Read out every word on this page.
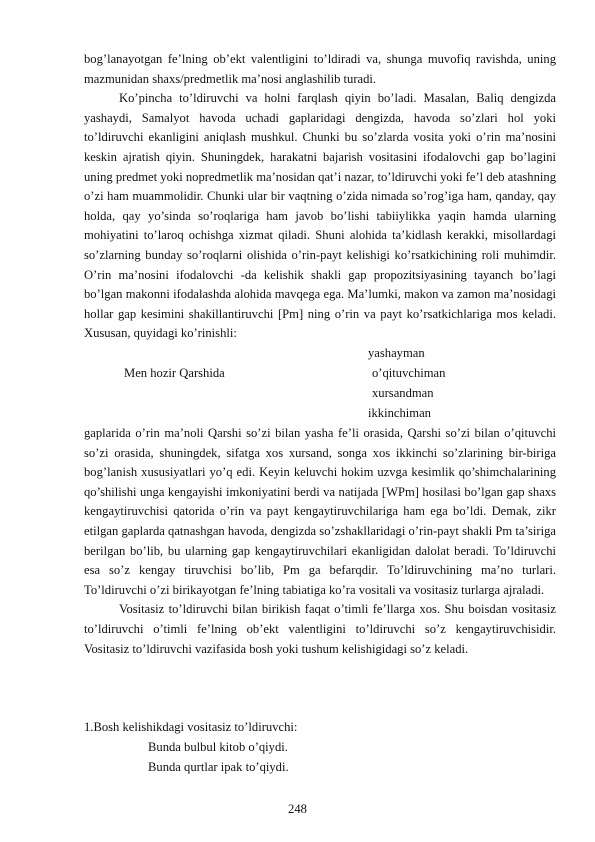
bog’lanayotgan fe’lning ob’ekt valentligini to’ldiradi va, shunga muvofiq ravishda, uning mazmunidan shaxs/predmetlik ma’nosi anglashilib turadi.

Ko’pincha to’ldiruvchi va holni farqlash qiyin bo’ladi. Masalan, Baliq dengizda yashaydi, Samalyot havoda uchadi gaplaridagi dengizda, havoda so’zlari hol yoki to’ldiruvchi ekanligini aniqlash mushkul. Chunki bu so’zlarda vosita yoki o’rin ma’nosini keskin ajratish qiyin. Shuningdek, harakatni bajarish vositasini ifodalovchi gap bo’lagini uning predmet yoki nopredmetlik ma’nosidan qat’i nazar, to’ldiruvchi yoki fe’l deb atashning o’zi ham muammolidir. Chunki ular bir vaqtning o’zida nimada so’rog’iga ham, qanday, qay holda, qay yo’sinda so’roqlariga ham javob bo’lishi tabiiylikka yaqin hamda ularning mohiyatini to’laroq ochishga xizmat qiladi. Shuni alohida ta’kidlash kerakki, misollardagi so’zlarning bunday so’roqlarni olishida o’rin-payt kelishigi ko’rsatkichining roli muhimdir. O’rin ma’nosini ifodalovchi -da kelishik shakli gap propozitsiyasining tayanch bo’lagi bo’lgan makonni ifodalashda alohida mavqega ega. Ma’lumki, makon va zamon ma’nosidagi hollar gap kesimini shakillantiruvchi [Pm] ning o’rin va payt ko’rsatkichlariga mos keladi. Xususan, quyidagi ko’rinishli:

Men hozir Qarshida
yashayman
o’qituvchiman
xursandman
ikkinchiman

gaplarida o’rin ma’noli Qarshi so’zi bilan yasha fe’li orasida, Qarshi so’zi bilan o’qituvchi so’zi orasida, shuningdek, sifatga xos xursand, songa xos ikkinchi so’zlarining bir-biriga bog’lanish xususiyatlari yo’q edi. Keyin keluvchi hokim uzvga kesimlik qo’shimchalarining qo’shilishi unga kengayishi imkoniyatini berdi va natijada [WPm] hosilasi bo’lgan gap shaxs kengaytiruvchisi qatorida o’rin va payt kengaytiruvchilariga ham ega bo’ldi. Demak, zikr etilgan gaplarda qatnashgan havoda, dengizda so’zshakllaridagi o’rin-payt shakli Pm ta’siriga berilgan bo’lib, bu ularning gap kengaytiruvchilari ekanligidan dalolat beradi. To’ldiruvchi esa so’z kengay tiruvchisi bo’lib, Pm ga befarqdir. To’ldiruvchining ma’no turlari. To’ldiruvchi o’zi birikayotgan fe’lning tabiatiga ko’ra vositali va vositasiz turlarga ajraladi.

Vositasiz to’ldiruvchi bilan birikish faqat o’timli fe’llarga xos. Shu boisdan vositasiz to’ldiruvchi o’timli fe’lning ob’ekt valentligini to’ldiruvchi so’z kengaytiruvchisidir. Vositasiz to’ldiruvchi vazifasida bosh yoki tushum kelishigidagi so’z keladi.

1.Bosh kelishikdagi vositasiz to’ldiruvchi:
Bunda bulbul kitob o’qiydi.
Bunda qurtlar ipak to’qiydi.
248
